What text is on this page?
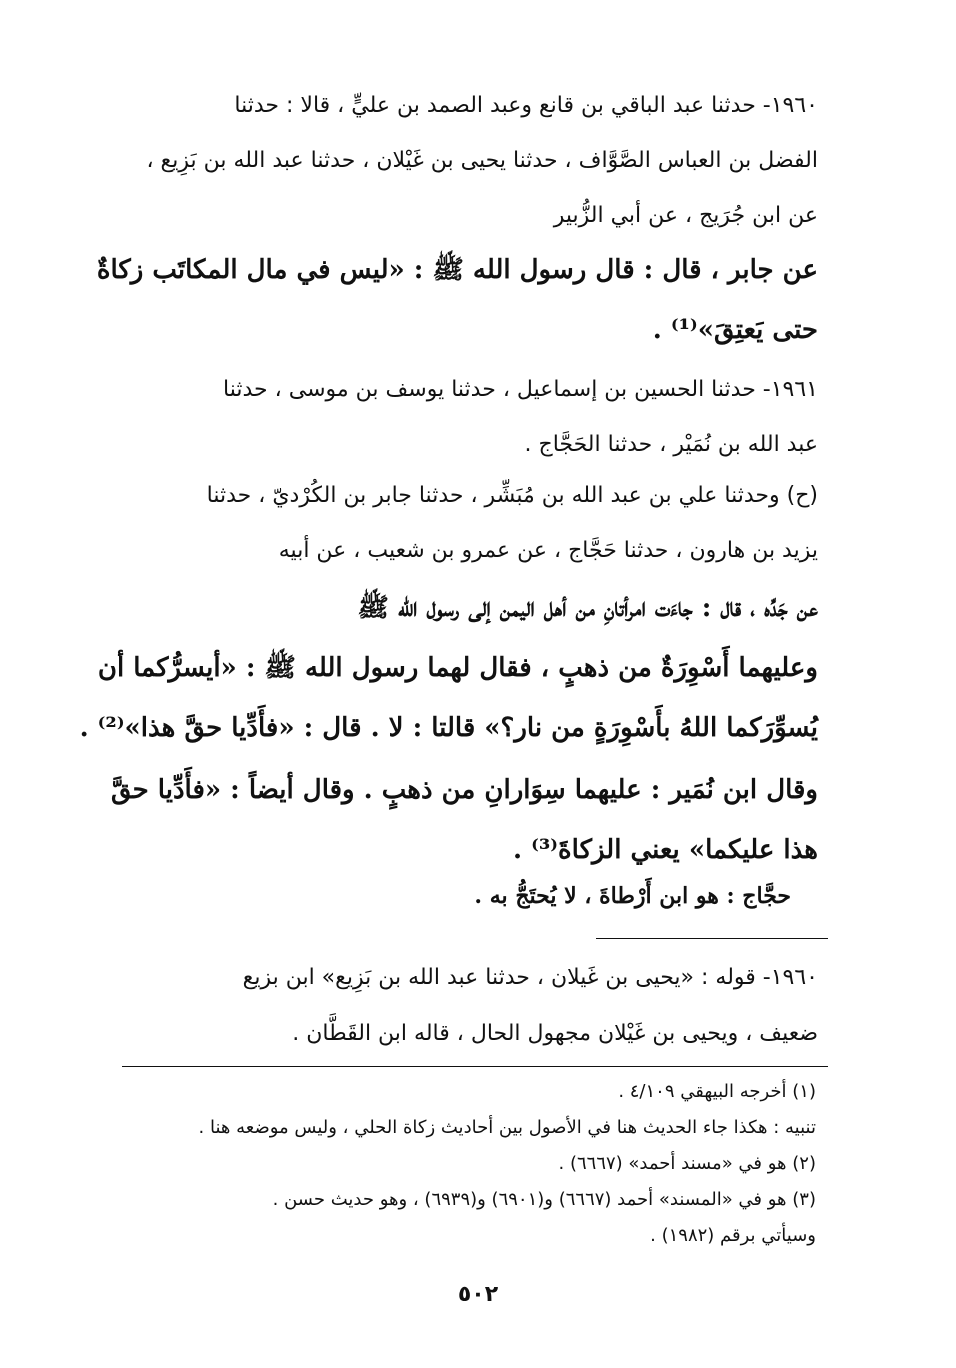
١٩٦٠- حدثنا عبد الباقي بن قانع وعبد الصمد بن عليٍّ ، قالا : حدثنا
الفضل بن العباس الصَّوَّاف ، حدثنا يحيى بن غَيْلان ، حدثنا عبد الله بن بَزِيع ،
عن ابن جُرَيج ، عن أبي الزُّبير
عن جابر ، قال : قال رسول الله ﷺ : «ليس في مال المكاتَب زكاةٌ
حتى يَعتِقَ»⁽¹⁾ .
١٩٦١- حدثنا الحسين بن إسماعيل ، حدثنا يوسف بن موسى ، حدثنا
عبد الله بن نُمَيْر ، حدثنا الحَجَّاج .
(ح) وحدثنا علي بن عبد الله بن مُبَشِّر ، حدثنا جابر بن الكُرْديّ ، حدثنا
يزيد بن هارون ، حدثنا حَجَّاج ، عن عمرو بن شعيب ، عن أبيه
عن جَدِّه ، قال : جاءَت امرأتانِ من أهل اليمن إلى رسول الله ﷺ
وعليهما أَسْوِرَةٌ من ذهبٍ ، فقال لهما رسول الله ﷺ : «أيسرُّكما أن
يُسوِّرَكما اللهُ بأَسْوِرَةٍ من نار؟» قالتا : لا . قال : «فأَدِّيا حقَّ هذا»⁽²⁾ .
وقال ابن نُمَير : عليهما سِوَارانِ من ذهبٍ . وقال أيضاً : «فأَدِّيا حقَّ
هذا عليكما» يعني الزكاةَ⁽³⁾ .
حجَّاج : هو ابن أَرْطاةَ ، لا يُحتَجُّ به .
١٩٦٠- قوله : «يحيى بن غَيلان ، حدثنا عبد الله بن بَزِيع» ابن بزيع
ضعيف ، ويحيى بن غَيْلان مجهول الحال ، قاله ابن القَطَّان .
(١) أخرجه البيهقي ٤/١٠٩ .
تنبيه : هكذا جاء الحديث هنا في الأصول بين أحاديث زكاة الحلي ، وليس موضعه هنا .
(٢) هو في «مسند أحمد» (٦٦٦٧) .
(٣) هو في «المسند» أحمد (٦٦٦٧) و(٦٩٠١) و(٦٩٣٩) ، وهو حديث حسن .
وسيأتي برقم (١٩٨٢) .
٥٠٢
